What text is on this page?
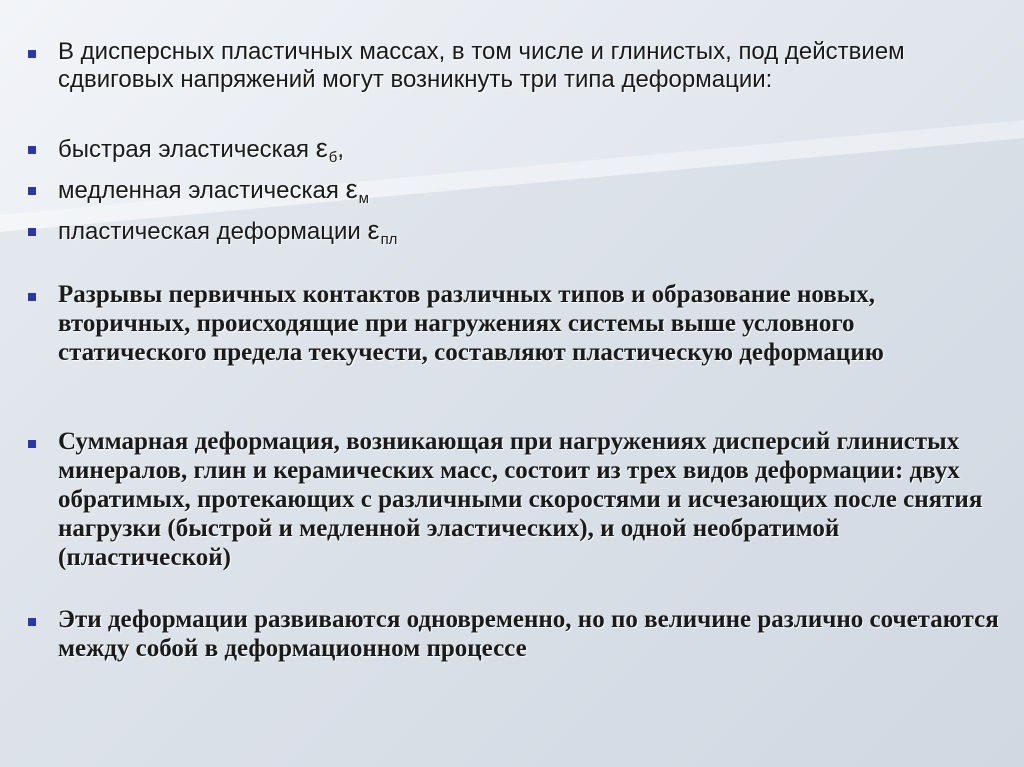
В дисперсных пластичных массах, в том числе и глинистых, под действием сдвиговых напряжений могут возникнуть три типа деформации:
быстрая эластическая $\varepsilon_б$,
медленная эластическая $\varepsilon_м$
пластическая деформации $\varepsilon_{пл}$
Разрывы первичных контактов различных типов и образование новых, вторичных, происходящие при нагружениях системы выше условного статического предела текучести, составляют пластическую деформацию
Суммарная деформация, возникающая при нагружениях дисперсий глинистых минералов, глин и керамических масс, состоит из трех видов деформации: двух обратимых, протекающих с различными скоростями и исчезающих после снятия нагрузки (быстрой и медленной эластических), и одной необратимой (пластической)
Эти деформации развиваются одновременно, но по величине различно сочетаются между собой в деформационном процессе
